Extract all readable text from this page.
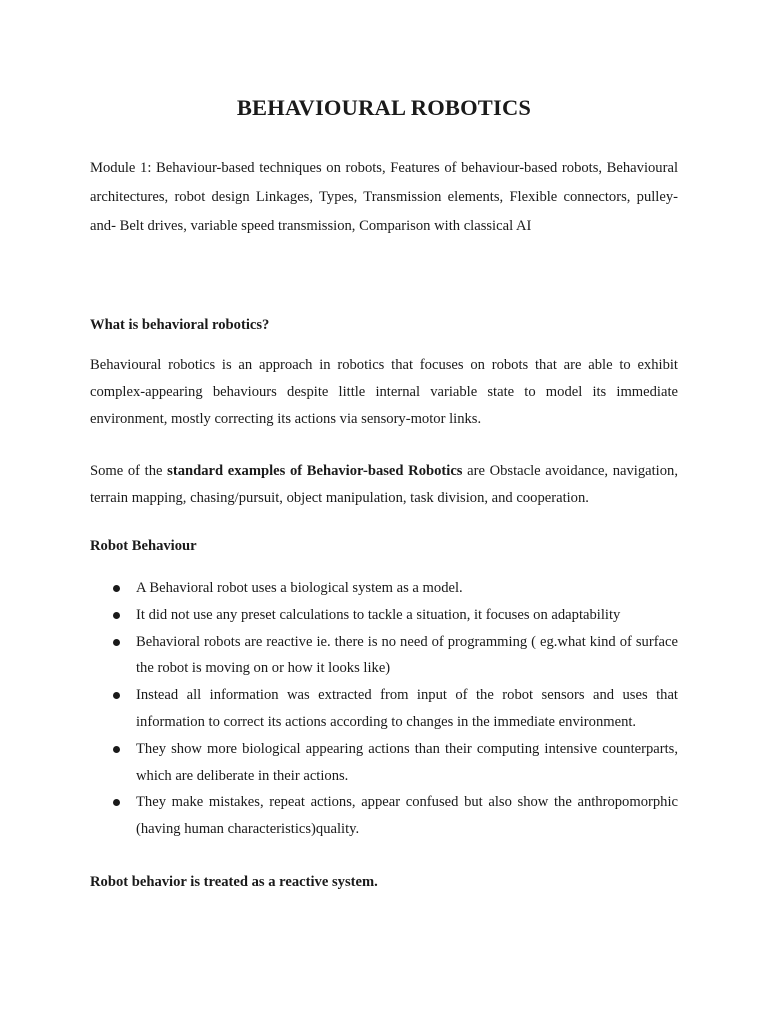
BEHAVIOURAL ROBOTICS

Module 1: Behaviour-based techniques on robots, Features of behaviour-based robots, Behavioural architectures, robot design Linkages, Types, Transmission elements, Flexible connectors, pulley-and- Belt drives, variable speed transmission, Comparison with classical AI

What is behavioral robotics?

Behavioural robotics is an approach in robotics that focuses on robots that are able to exhibit complex-appearing behaviours despite little internal variable state to model its immediate environment, mostly correcting its actions via sensory-motor links.

Some of the standard examples of Behavior-based Robotics are Obstacle avoidance, navigation, terrain mapping, chasing/pursuit, object manipulation, task division, and cooperation.

Robot Behaviour

A Behavioral robot uses a biological system as a model.
It did not use any preset calculations to tackle a situation, it focuses on adaptability
Behavioral robots are reactive ie. there is no need of programming ( eg.what kind of surface the robot is moving on or how it looks like)
Instead all information was extracted from input of the robot sensors and uses that information to correct its actions according to changes in the immediate environment.
They show more biological appearing actions than their computing intensive counterparts, which are deliberate in their actions.
They make mistakes, repeat actions, appear confused but also show the anthropomorphic (having human characteristics)quality.

Robot behavior is treated as a reactive system.
